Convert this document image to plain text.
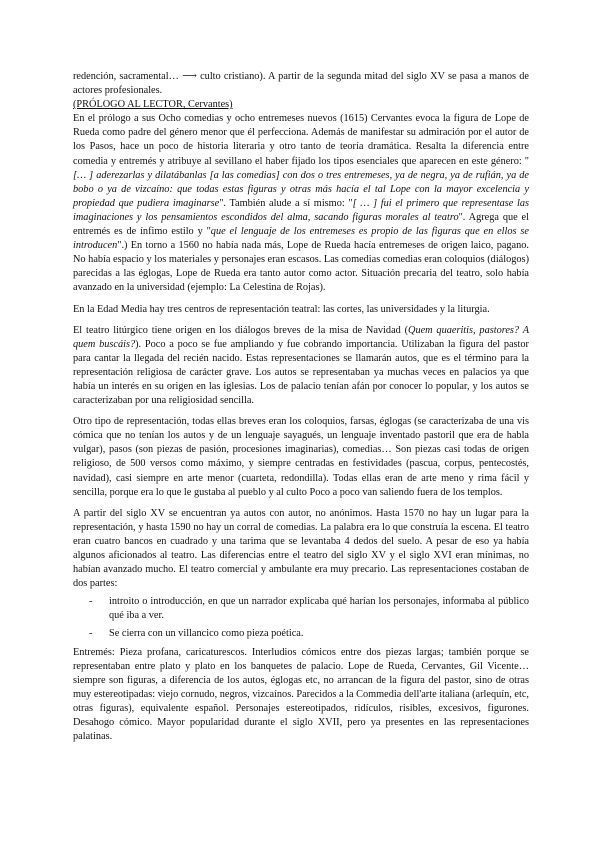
redención, sacramental… ⟶ culto cristiano). A partir de la segunda mitad del siglo XV se pasa a manos de actores profesionales.

(PRÓLOGO AL LECTOR, Cervantes)

En el prólogo a sus Ocho comedias y ocho entremeses nuevos (1615) Cervantes evoca la figura de Lope de Rueda como padre del género menor que él perfecciona. Además de manifestar su admiración por el autor de los Pasos, hace un poco de historia literaria y otro tanto de teoría dramática. Resalta la diferencia entre comedia y entremés y atribuye al sevillano el haber fijado los tipos esenciales que aparecen en este género: "[… ] aderezarlas y dilatábanlas [a las comedias] con dos o tres entremeses, ya de negra, ya de rufián, ya de bobo o ya de vizcaíno: que todas estas figuras y otras más hacía el tal Lope con la mayor excelencia y propiedad que pudiera imaginarse". También alude a sí mismo: "[ … ] fui el primero que representase las imaginaciones y los pensamientos escondidos del alma, sacando figuras morales al teatro". Agrega que el entremés es de ínfimo estilo y "que el lenguaje de los entremeses es propio de las figuras que en ellos se introducen".) En torno a 1560 no había nada más, Lope de Rueda hacía entremeses de origen laico, pagano. No había espacio y los materiales y personajes eran escasos. Las comedias comedias eran coloquios (diálogos) parecidas a las églogas, Lope de Rueda era tanto autor como actor. Situación precaria del teatro, solo había avanzado en la universidad (ejemplo: La Celestina de Rojas).

En la Edad Media hay tres centros de representación teatral: las cortes, las universidades y la liturgia.

El teatro litúrgico tiene origen en los diálogos breves de la misa de Navidad (Quem quaeritis, pastores? A quem buscáis?). Poco a poco se fue ampliando y fue cobrando importancia. Utilizaban la figura del pastor para cantar la llegada del recién nacido. Estas representaciones se llamarán autos, que es el término para la representación religiosa de carácter grave. Los autos se representaban ya muchas veces en palacios ya que había un interés en su origen en las iglesias. Los de palacio tenían afán por conocer lo popular, y los autos se caracterizaban por una religiosidad sencilla.

Otro tipo de representación, todas ellas breves eran los coloquios, farsas, églogas (se caracterizaba de una vis cómica que no tenían los autos y de un lenguaje sayagués, un lenguaje inventado pastoril que era de habla vulgar), pasos (son piezas de pasión, procesiones imaginarias), comedias… Son piezas casi todas de origen religioso, de 500 versos como máximo, y siempre centradas en festividades (pascua, corpus, pentecostés, navidad), casi siempre en arte menor (cuarteta, redondilla). Todas ellas eran de arte meno y rima fácil y sencilla, porque era lo que le gustaba al pueblo y al culto Poco a poco van saliendo fuera de los templos.

A partir del siglo XV se encuentran ya autos con autor, no anónimos. Hasta 1570 no hay un lugar para la representación, y hasta 1590 no hay un corral de comedias. La palabra era lo que construía la escena. El teatro eran cuatro bancos en cuadrado y una tarima que se levantaba 4 dedos del suelo. A pesar de eso ya había algunos aficionados al teatro. Las diferencias entre el teatro del siglo XV y el siglo XVI eran mínimas, no habían avanzado mucho. El teatro comercial y ambulante era muy precario. Las representaciones costaban de dos partes:

- introito o introducción, en que un narrador explicaba qué harían los personajes, informaba al público qué iba a ver.
- Se cierra con un villancico como pieza poética.

Entremés: Pieza profana, caricaturescos. Interludios cómicos entre dos piezas largas; también porque se representaban entre plato y plato en los banquetes de palacio. Lope de Rueda, Cervantes, Gil Vicente… siempre son figuras, a diferencia de los autos, églogas etc, no arrancan de la figura del pastor, sino de otras muy estereotipadas: viejo cornudo, negros, vizcaínos. Parecidos a la Commedia dell'arte italiana (arlequín, etc, otras figuras), equivalente español. Personajes estereotipados, ridículos, risibles, excesivos, figurones. Desahogo cómico. Mayor popularidad durante el siglo XVII, pero ya presentes en las representaciones palatinas.
